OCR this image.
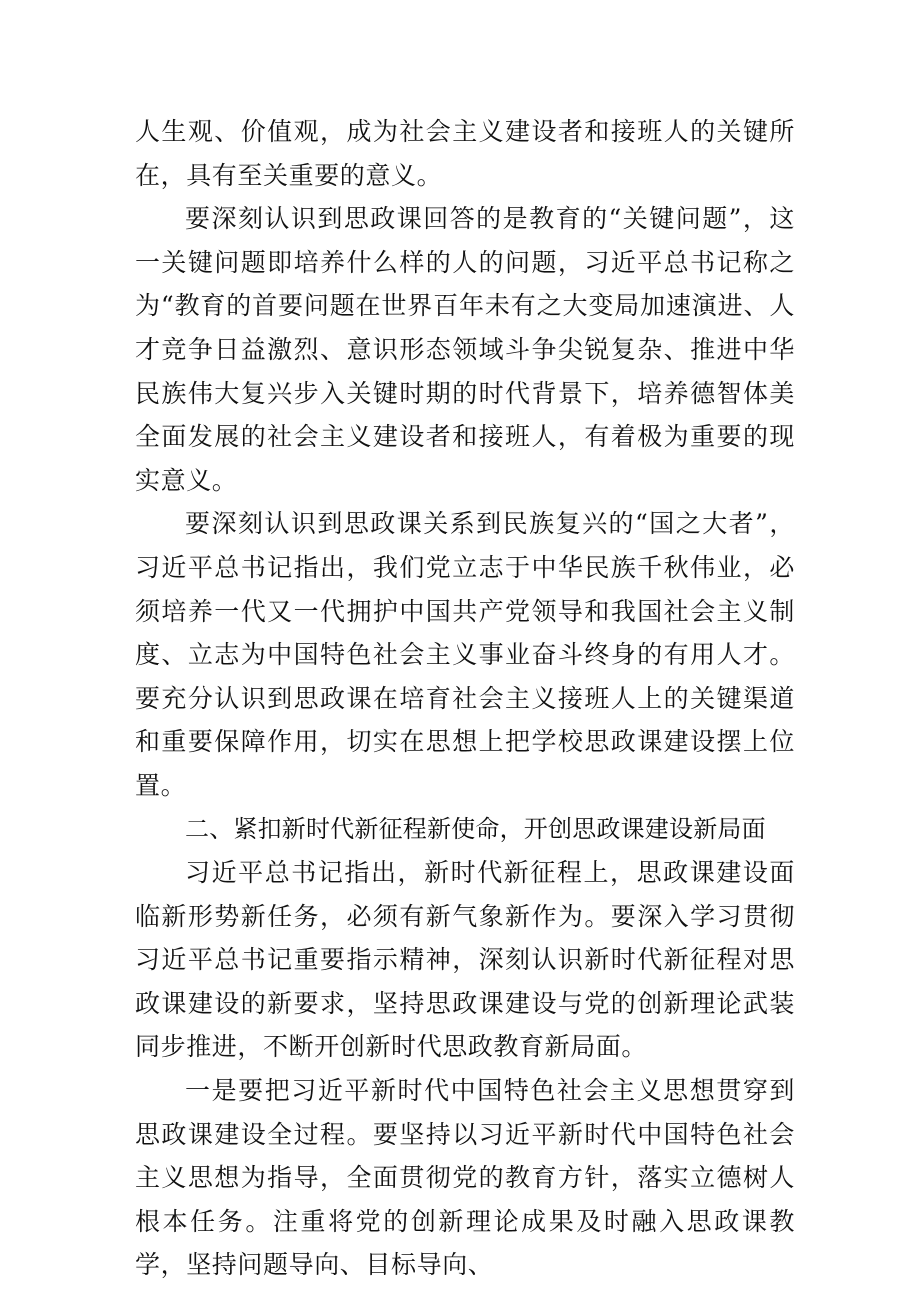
人生观、价值观，成为社会主义建设者和接班人的关键所在，具有至关重要的意义。

要深刻认识到思政课回答的是教育的“关键问题”，这一关键问题即培养什么样的人的问题，习近平总书记称之为“教育的首要问题在世界百年未有之大变局加速演进、人才竞争日益激烈、意识形态领域斗争尖锐复杂、推进中华民族伟大复兴步入关键时期的时代背景下，培养德智体美全面发展的社会主义建设者和接班人，有着极为重要的现实意义。

要深刻认识到思政课关系到民族复兴的“国之大者”，习近平总书记指出，我们党立志于中华民族千秋伟业，必须培养一代又一代拥护中国共产党领导和我国社会主义制度、立志为中国特色社会主义事业奋斗终身的有用人才。要充分认识到思政课在培育社会主义接班人上的关键渠道和重要保障作用，切实在思想上把学校思政课建设摆上位置。

二、紧扣新时代新征程新使命，开创思政课建设新局面

习近平总书记指出，新时代新征程上，思政课建设面临新形势新任务，必须有新气象新作为。要深入学习贯彻习近平总书记重要指示精神，深刻认识新时代新征程对思政课建设的新要求，坚持思政课建设与党的创新理论武装同步推进，不断开创新时代思政教育新局面。

一是要把习近平新时代中国特色社会主义思想贯穿到思政课建设全过程。要坚持以习近平新时代中国特色社会主义思想为指导，全面贯彻党的教育方针，落实立德树人根本任务。注重将党的创新理论成果及时融入思政课教学，坚持问题导向、目标导向、
